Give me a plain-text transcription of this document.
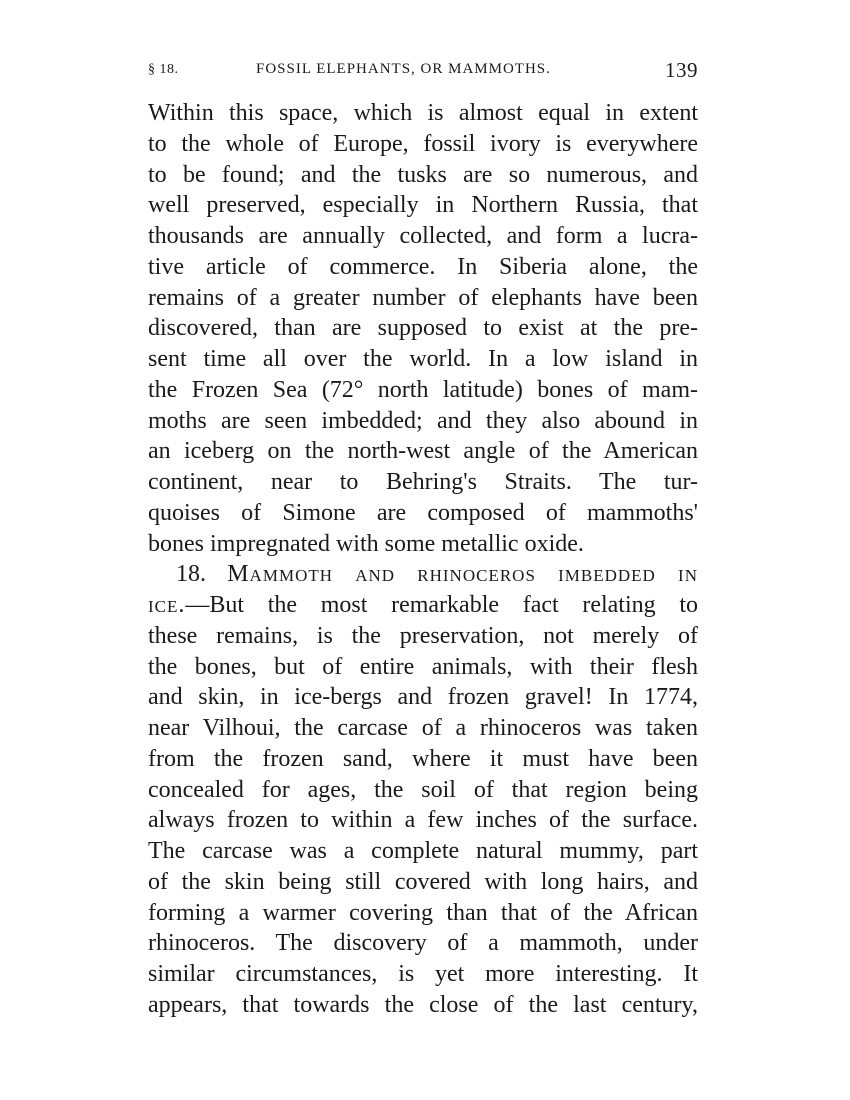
§ 18.	FOSSIL ELEPHANTS, OR MAMMOTHS.	139
Within this space, which is almost equal in extent
to the whole of Europe, fossil ivory is everywhere
to be found; and the tusks are so numerous, and
well preserved, especially in Northern Russia, that
thousands are annually collected, and form a lucra-
tive article of commerce. In Siberia alone, the
remains of a greater number of elephants have been
discovered, than are supposed to exist at the pre-
sent time all over the world. In a low island in
the Frozen Sea (72° north latitude) bones of mam-
moths are seen imbedded; and they also abound in
an iceberg on the north-west angle of the American
continent, near to Behring's Straits. The tur-
quoises of Simone are composed of mammoths'
bones impregnated with some metallic oxide.
18. Mammoth and rhinoceros imbedded in
ice.—But the most remarkable fact relating to
these remains, is the preservation, not merely of
the bones, but of entire animals, with their flesh
and skin, in ice-bergs and frozen gravel! In 1774,
near Vilhoui, the carcase of a rhinoceros was taken
from the frozen sand, where it must have been
concealed for ages, the soil of that region being
always frozen to within a few inches of the surface.
The carcase was a complete natural mummy, part
of the skin being still covered with long hairs, and
forming a warmer covering than that of the African
rhinoceros. The discovery of a mammoth, under
similar circumstances, is yet more interesting. It
appears, that towards the close of the last century,
